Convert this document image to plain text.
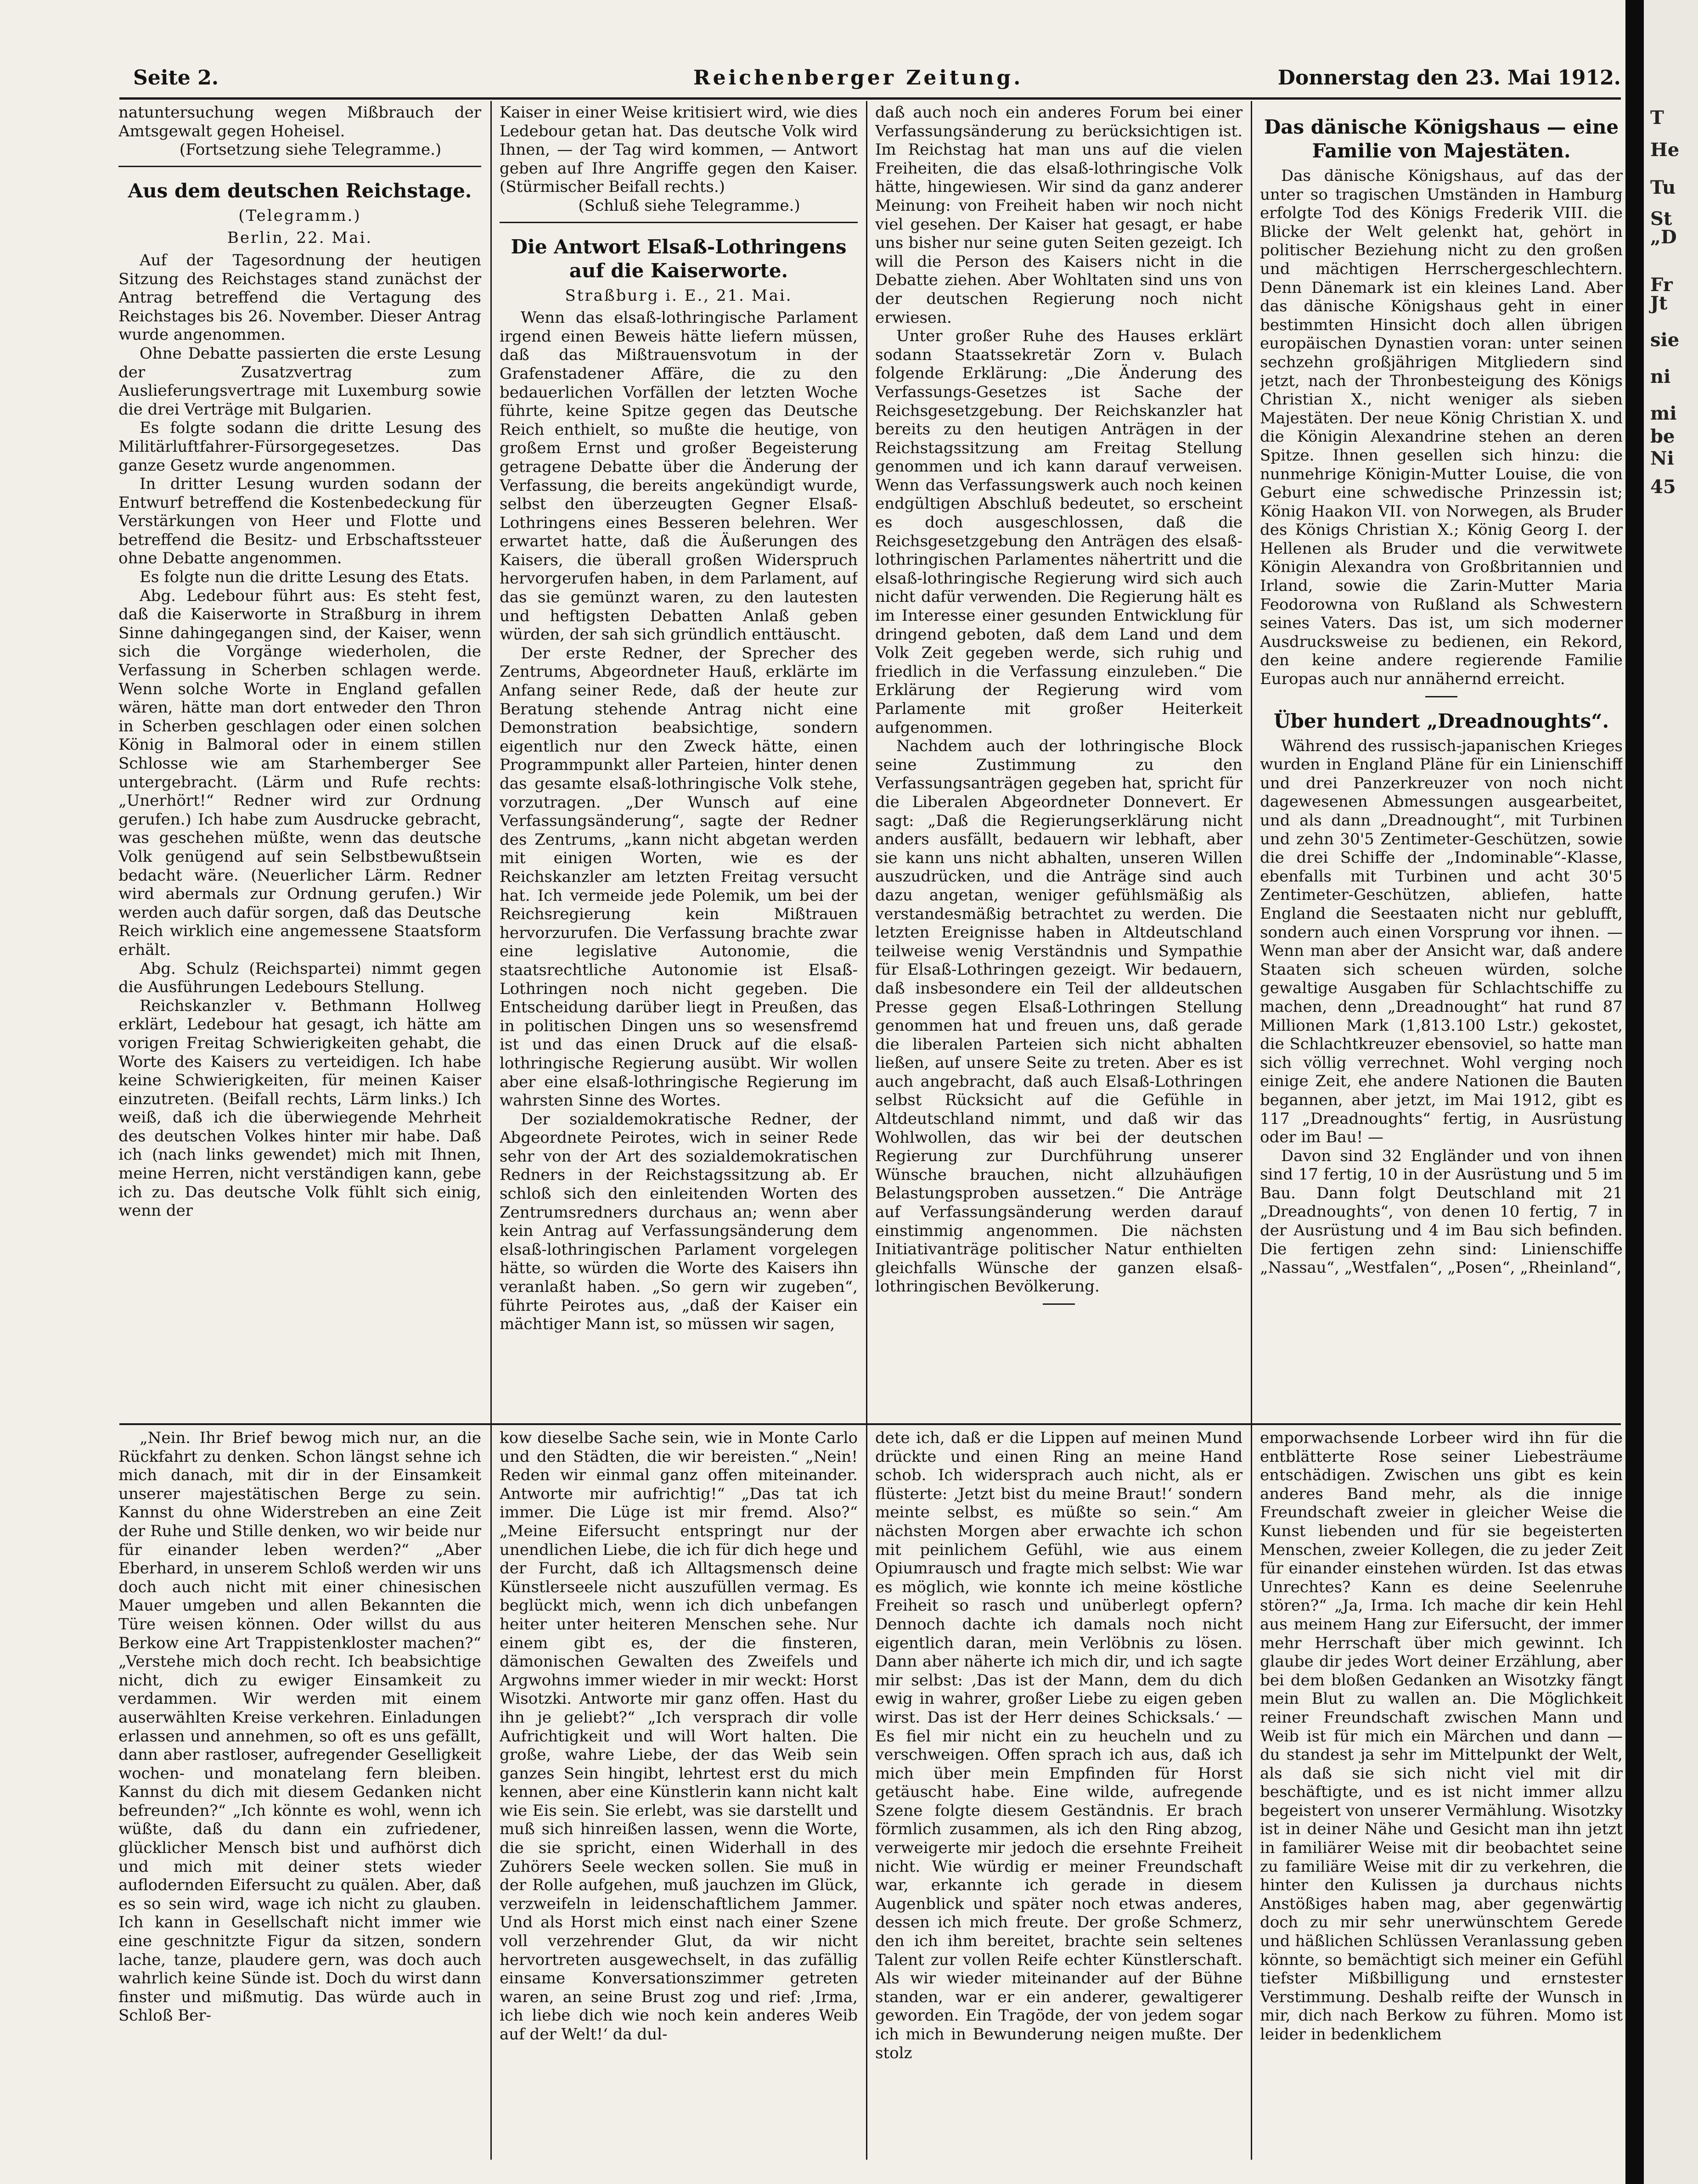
Seite 2.	Reichenberger Zeitung.	Donnerstag den 23. Mai 1912.

natuntersuchung wegen Mißbrauch der Amtsgewalt gegen Hoheisel.

(Fortsetzung siehe Telegramme.)

Aus dem deutschen Reichstage.
(Telegramm.)
Berlin, 22. Mai.

Auf der Tagesordnung der heutigen Sitzung des Reichstages stand zunächst der Antrag betreffend die Vertagung des Reichstages bis 26. November. Dieser Antrag wurde angenommen.

Ohne Debatte passierten die erste Lesung der Zusatzvertrag zum Auslieferungsvertrage mit Luxemburg sowie die drei Verträge mit Bulgarien.

Es folgte sodann die dritte Lesung des Militärluftfahrer-Fürsorgegesetzes. Das ganze Gesetz wurde angenommen.

In dritter Lesung wurden sodann der Entwurf betreffend die Kostenbedeckung für Verstärkungen von Heer und Flotte und betreffend die Besitz- und Erbschaftssteuer ohne Debatte angenommen.

Es folgte nun die dritte Lesung des Etats.

Abg. Ledebour führt aus: Es steht fest, daß die Kaiserworte in Straßburg in ihrem Sinne dahingegangen sind, der Kaiser, wenn sich die Vorgänge wiederholen, die Verfassung in Scherben schlagen werde. Wenn solche Worte in England gefallen wären, hätte man dort entweder den Thron in Scherben geschlagen oder einen solchen König in Balmoral oder in einem stillen Schlosse wie am Starhemberger See untergebracht. (Lärm und Rufe rechts: „Unerhört!“ Redner wird zur Ordnung gerufen.) Ich habe zum Ausdrucke gebracht, was geschehen müßte, wenn das deutsche Volk genügend auf sein Selbstbewußtsein bedacht wäre. (Neuerlicher Lärm. Redner wird abermals zur Ordnung gerufen.) Wir werden auch dafür sorgen, daß das Deutsche Reich wirklich eine angemessene Staatsform erhält.

Abg. Schulz (Reichspartei) nimmt gegen die Ausführungen Ledebours Stellung.

Reichskanzler v. Bethmann Hollweg erklärt, Ledebour hat gesagt, ich hätte am vorigen Freitag Schwierigkeiten gehabt, die Worte des Kaisers zu verteidigen. Ich habe keine Schwierigkeiten, für meinen Kaiser einzutreten. (Beifall rechts, Lärm links.) Ich weiß, daß ich die überwiegende Mehrheit des deutschen Volkes hinter mir habe. Daß ich (nach links gewendet) mich mit Ihnen, meine Herren, nicht verständigen kann, gebe ich zu. Das deutsche Volk fühlt sich einig, wenn der

Kaiser in einer Weise kritisiert wird, wie dies Ledebour getan hat. Das deutsche Volk wird Ihnen, — der Tag wird kommen, — Antwort geben auf Ihre Angriffe gegen den Kaiser. (Stürmischer Beifall rechts.)

(Schluß siehe Telegramme.)

Die Antwort Elsaß-Lothringens auf die Kaiserworte.
Straßburg i. E., 21. Mai.

Wenn das elsaß-lothringische Parlament irgend einen Beweis hätte liefern müssen, daß das Mißtrauensvotum in der Grafenstadener Affäre, die zu den bedauerlichen Vorfällen der letzten Woche führte, keine Spitze gegen das Deutsche Reich enthielt, so mußte die heutige, von großem Ernst und großer Begeisterung getragene Debatte über die Änderung der Verfassung, die bereits angekündigt wurde, selbst den überzeugten Gegner Elsaß-Lothringens eines Besseren belehren. Wer erwartet hatte, daß die Äußerungen des Kaisers, die überall großen Widerspruch hervorgerufen haben, in dem Parlament, auf das sie gemünzt waren, zu den lautesten und heftigsten Debatten Anlaß geben würden, der sah sich gründlich enttäuscht.

Der erste Redner, der Sprecher des Zentrums, Abgeordneter Hauß, erklärte im Anfang seiner Rede, daß der heute zur Beratung stehende Antrag nicht eine Demonstration beabsichtige, sondern eigentlich nur den Zweck hätte, einen Programmpunkt aller Parteien, hinter denen das gesamte elsaß-lothringische Volk stehe, vorzutragen. „Der Wunsch auf eine Verfassungsänderung“, sagte der Redner des Zentrums, „kann nicht abgetan werden mit einigen Worten, wie es der Reichskanzler am letzten Freitag versucht hat. Ich vermeide jede Polemik, um bei der Reichsregierung kein Mißtrauen hervorzurufen. Die Verfassung brachte zwar eine legislative Autonomie, die staatsrechtliche Autonomie ist Elsaß-Lothringen noch nicht gegeben. Die Entscheidung darüber liegt in Preußen, das in politischen Dingen uns so wesensfremd ist und das einen Druck auf die elsaß-lothringische Regierung ausübt. Wir wollen aber eine elsaß-lothringische Regierung im wahrsten Sinne des Wortes.

Der sozialdemokratische Redner, der Abgeordnete Peirotes, wich in seiner Rede sehr von der Art des sozialdemokratischen Redners in der Reichstagssitzung ab. Er schloß sich den einleitenden Worten des Zentrumsredners durchaus an; wenn aber kein Antrag auf Verfassungsänderung dem elsaß-lothringischen Parlament vorgelegen hätte, so würden die Worte des Kaisers ihn veranlaßt haben. „So gern wir zugeben“, führte Peirotes aus, „daß der Kaiser ein mächtiger Mann ist, so müssen wir sagen,

daß auch noch ein anderes Forum bei einer Verfassungsänderung zu berücksichtigen ist. Im Reichstag hat man uns auf die vielen Freiheiten, die das elsaß-lothringische Volk hätte, hingewiesen. Wir sind da ganz anderer Meinung: von Freiheit haben wir noch nicht viel gesehen. Der Kaiser hat gesagt, er habe uns bisher nur seine guten Seiten gezeigt. Ich will die Person des Kaisers nicht in die Debatte ziehen. Aber Wohltaten sind uns von der deutschen Regierung noch nicht erwiesen.

Unter großer Ruhe des Hauses erklärt sodann Staatssekretär Zorn v. Bulach folgende Erklärung: „Die Änderung des Verfassungs-Gesetzes ist Sache der Reichsgesetzgebung. Der Reichskanzler hat bereits zu den heutigen Anträgen in der Reichstagssitzung am Freitag Stellung genommen und ich kann darauf verweisen. Wenn das Verfassungswerk auch noch keinen endgültigen Abschluß bedeutet, so erscheint es doch ausgeschlossen, daß die Reichsgesetzgebung den Anträgen des elsaß-lothringischen Parlamentes nähertritt und die elsaß-lothringische Regierung wird sich auch nicht dafür verwenden. Die Regierung hält es im Interesse einer gesunden Entwicklung für dringend geboten, daß dem Land und dem Volk Zeit gegeben werde, sich ruhig und friedlich in die Verfassung einzuleben.“ Die Erklärung der Regierung wird vom Parlamente mit großer Heiterkeit aufgenommen.

Nachdem auch der lothringische Block seine Zustimmung zu den Verfassungsanträgen gegeben hat, spricht für die Liberalen Abgeordneter Donnevert. Er sagt: „Daß die Regierungserklärung nicht anders ausfällt, bedauern wir lebhaft, aber sie kann uns nicht abhalten, unseren Willen auszudrücken, und die Anträge sind auch dazu angetan, weniger gefühlsmäßig als verstandesmäßig betrachtet zu werden. Die letzten Ereignisse haben in Altdeutschland teilweise wenig Verständnis und Sympathie für Elsaß-Lothringen gezeigt. Wir bedauern, daß insbesondere ein Teil der alldeutschen Presse gegen Elsaß-Lothringen Stellung genommen hat und freuen uns, daß gerade die liberalen Parteien sich nicht abhalten ließen, auf unsere Seite zu treten. Aber es ist auch angebracht, daß auch Elsaß-Lothringen selbst Rücksicht auf die Gefühle in Altdeutschland nimmt, und daß wir das Wohlwollen, das wir bei der deutschen Regierung zur Durchführung unserer Wünsche brauchen, nicht allzuhäufigen Belastungsproben aussetzen.“ Die Anträge auf Verfassungsänderung werden darauf einstimmig angenommen. Die nächsten Initiativanträge politischer Natur enthielten gleichfalls Wünsche der ganzen elsaß-lothringischen Bevölkerung.

Das dänische Königshaus — eine Familie von Majestäten.

Das dänische Königshaus, auf das der unter so tragischen Umständen in Hamburg erfolgte Tod des Königs Frederik VIII. die Blicke der Welt gelenkt hat, gehört in politischer Beziehung nicht zu den großen und mächtigen Herrschergeschlechtern. Denn Dänemark ist ein kleines Land. Aber das dänische Königshaus geht in einer bestimmten Hinsicht doch allen übrigen europäischen Dynastien voran: unter seinen sechzehn großjährigen Mitgliedern sind jetzt, nach der Thronbesteigung des Königs Christian X., nicht weniger als sieben Majestäten. Der neue König Christian X. und die Königin Alexandrine stehen an deren Spitze. Ihnen gesellen sich hinzu: die nunmehrige Königin-Mutter Louise, die von Geburt eine schwedische Prinzessin ist; König Haakon VII. von Norwegen, als Bruder des Königs Christian X.; König Georg I. der Hellenen als Bruder und die verwitwete Königin Alexandra von Großbritannien und Irland, sowie die Zarin-Mutter Maria Feodorowna von Rußland als Schwestern seines Vaters. Das ist, um sich moderner Ausdrucksweise zu bedienen, ein Rekord, den keine andere regierende Familie Europas auch nur annähernd erreicht.

Über hundert „Dreadnoughts“.

Während des russisch-japanischen Krieges wurden in England Pläne für ein Linienschiff und drei Panzerkreuzer von noch nicht dagewesenen Abmessungen ausgearbeitet, und als dann „Dreadnought“, mit Turbinen und zehn 30'5 Zentimeter-Geschützen, sowie die drei Schiffe der „Indominable“-Klasse, ebenfalls mit Turbinen und acht 30'5 Zentimeter-Geschützen, abliefen, hatte England die Seestaaten nicht nur geblufft, sondern auch einen Vorsprung vor ihnen. — Wenn man aber der Ansicht war, daß andere Staaten sich scheuen würden, solche gewaltige Ausgaben für Schlachtschiffe zu machen, denn „Dreadnought“ hat rund 87 Millionen Mark (1,813.100 Lstr.) gekostet, die Schlachtkreuzer ebensoviel, so hatte man sich völlig verrechnet. Wohl verging noch einige Zeit, ehe andere Nationen die Bauten begannen, aber jetzt, im Mai 1912, gibt es 117 „Dreadnoughts“ fertig, in Ausrüstung oder im Bau! —

Davon sind 32 Engländer und von ihnen sind 17 fertig, 10 in der Ausrüstung und 5 im Bau. Dann folgt Deutschland mit 21 „Dreadnoughts“, von denen 10 fertig, 7 in der Ausrüstung und 4 im Bau sich befinden. Die fertigen zehn sind: Linienschiffe „Nassau“, „Westfalen“, „Posen“, „Rheinland“,

„Nein. Ihr Brief bewog mich nur, an die Rückfahrt zu denken. Schon längst sehne ich mich danach, mit dir in der Einsamkeit unserer majestätischen Berge zu sein. Kannst du ohne Widerstreben an eine Zeit der Ruhe und Stille denken, wo wir beide nur für einander leben werden?“ „Aber Eberhard, in unserem Schloß werden wir uns doch auch nicht mit einer chinesischen Mauer umgeben und allen Bekannten die Türe weisen können. Oder willst du aus Berkow eine Art Trappistenkloster machen?“ „Verstehe mich doch recht. Ich beabsichtige nicht, dich zu ewiger Einsamkeit zu verdammen. Wir werden mit einem auserwählten Kreise verkehren. Einladungen erlassen und annehmen, so oft es uns gefällt, dann aber rastloser, aufregender Geselligkeit wochen- und monatelang fern bleiben. Kannst du dich mit diesem Gedanken nicht befreunden?“ „Ich könnte es wohl, wenn ich wüßte, daß du dann ein zufriedener, glücklicher Mensch bist und aufhörst dich und mich mit deiner stets wieder auflodernden Eifersucht zu quälen. Aber, daß es so sein wird, wage ich nicht zu glauben. Ich kann in Gesellschaft nicht immer wie eine geschnitzte Figur da sitzen, sondern lache, tanze, plaudere gern, was doch auch wahrlich keine Sünde ist. Doch du wirst dann finster und mißmutig. Das würde auch in Schloß Ber-

kow dieselbe Sache sein, wie in Monte Carlo und den Städten, die wir bereisten.“ „Nein! Reden wir einmal ganz offen miteinander. Antworte mir aufrichtig!“ „Das tat ich immer. Die Lüge ist mir fremd. Also?“ „Meine Eifersucht entspringt nur der unendlichen Liebe, die ich für dich hege und der Furcht, daß ich Alltagsmensch deine Künstlerseele nicht auszufüllen vermag. Es beglückt mich, wenn ich dich unbefangen heiter unter heiteren Menschen sehe. Nur einem gibt es, der die finsteren, dämonischen Gewalten des Zweifels und Argwohns immer wieder in mir weckt: Horst Wisotzki. Antworte mir ganz offen. Hast du ihn je geliebt?“ „Ich versprach dir volle Aufrichtigkeit und will Wort halten. Die große, wahre Liebe, der das Weib sein ganzes Sein hingibt, lehrtest erst du mich kennen, aber eine Künstlerin kann nicht kalt wie Eis sein. Sie erlebt, was sie darstellt und muß sich hinreißen lassen, wenn die Worte, die sie spricht, einen Widerhall in des Zuhörers Seele wecken sollen. Sie muß in der Rolle aufgehen, muß jauchzen im Glück, verzweifeln in leidenschaftlichem Jammer. Und als Horst mich einst nach einer Szene voll verzehrender Glut, da wir nicht hervortreten ausgewechselt, in das zufällig einsame Konversationszimmer getreten waren, an seine Brust zog und rief: ‚Irma, ich liebe dich wie noch kein anderes Weib auf der Welt!‘ da dul-

dete ich, daß er die Lippen auf meinen Mund drückte und einen Ring an meine Hand schob. Ich widersprach auch nicht, als er flüsterte: ‚Jetzt bist du meine Braut!‘ sondern meinte selbst, es müßte so sein.“ Am nächsten Morgen aber erwachte ich schon mit peinlichem Gefühl, wie aus einem Opiumrausch und fragte mich selbst: Wie war es möglich, wie konnte ich meine köstliche Freiheit so rasch und unüberlegt opfern? Dennoch dachte ich damals noch nicht eigentlich daran, mein Verlöbnis zu lösen. Dann aber näherte ich mich dir, und ich sagte mir selbst: ‚Das ist der Mann, dem du dich ewig in wahrer, großer Liebe zu eigen geben wirst. Das ist der Herr deines Schicksals.‘ — Es fiel mir nicht ein zu heucheln und zu verschweigen. Offen sprach ich aus, daß ich mich über mein Empfinden für Horst getäuscht habe. Eine wilde, aufregende Szene folgte diesem Geständnis. Er brach förmlich zusammen, als ich den Ring abzog, verweigerte mir jedoch die ersehnte Freiheit nicht. Wie würdig er meiner Freundschaft war, erkannte ich gerade in diesem Augenblick und später noch etwas anderes, dessen ich mich freute. Der große Schmerz, den ich ihm bereitet, brachte sein seltenes Talent zur vollen Reife echter Künstlerschaft. Als wir wieder miteinander auf der Bühne standen, war er ein anderer, gewaltigerer geworden. Ein Tragöde, der von jedem sogar ich mich in Bewunderung neigen mußte. Der stolz

emporwachsende Lorbeer wird ihn für die entblätterte Rose seiner Liebesträume entschädigen. Zwischen uns gibt es kein anderes Band mehr, als die innige Freundschaft zweier in gleicher Weise die Kunst liebenden und für sie begeisterten Menschen, zweier Kollegen, die zu jeder Zeit für einander einstehen würden. Ist das etwas Unrechtes? Kann es deine Seelenruhe stören?“ „Ja, Irma. Ich mache dir kein Hehl aus meinem Hang zur Eifersucht, der immer mehr Herrschaft über mich gewinnt. Ich glaube dir jedes Wort deiner Erzählung, aber bei dem bloßen Gedanken an Wisotzky fängt mein Blut zu wallen an. Die Möglichkeit reiner Freundschaft zwischen Mann und Weib ist für mich ein Märchen und dann — du standest ja sehr im Mittelpunkt der Welt, als daß sie sich nicht viel mit dir beschäftigte, und es ist nicht immer allzu begeistert von unserer Vermählung. Wisotzky ist in deiner Nähe und Gesicht man ihn jetzt in familiärer Weise mit dir beobachtet seine zu familiäre Weise mit dir zu verkehren, die hinter den Kulissen ja durchaus nichts Anstößiges haben mag, aber gegenwärtig doch zu mir sehr unerwünschtem Gerede und häßlichen Schlüssen Veranlassung geben könnte, so bemächtigt sich meiner ein Gefühl tiefster Mißbilligung und ernstester Verstimmung. Deshalb reifte der Wunsch in mir, dich nach Berkow zu führen. Momo ist leider in bedenklichem

T
He
Tu
St
„D
Fr
Jt
sie
ni
mi
be
Ni
45
